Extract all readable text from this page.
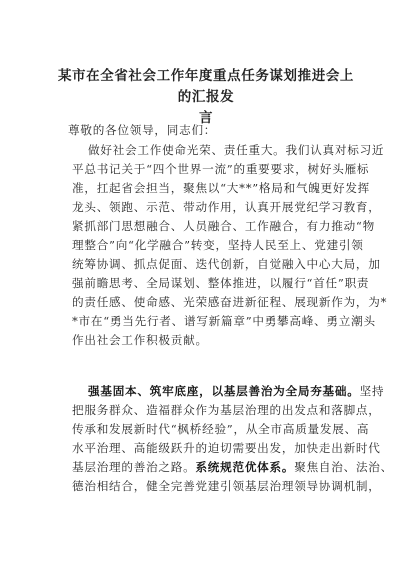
某市在全省社会工作年度重点任务谋划推进会上的汇报发
言
尊敬的各位领导，同志们：
做好社会工作使命光荣、责任重大。我们认真对标习近
平总书记关于“四个世界一流”的重要要求，树好头雁标
准，扛起省会担当，聚焦以“大**”格局和气魄更好发挥
龙头、领跑、示范、带动作用，认真开展党纪学习教育，
紧抓部门思想融合、人员融合、工作融合，有力推动“物
理整合”向“化学融合”转变，坚持人民至上、党建引领
统筹协调、抓点促面、迭代创新，自觉融入中心大局，加
强前瞻思考、全局谋划、整体推进，以履行“首任”职责
的责任感、使命感、光荣感奋进新征程、展现新作为，为*
*市在“勇当先行者、谱写新篇章”中勇攀高峰、勇立潮头
作出社会工作积极贡献。
强基固本、筑牢底座，以基层善治为全局夯基础。坚持
把服务群众、造福群众作为基层治理的出发点和落脚点，
传承和发展新时代“枫桥经验”，从全市高质量发展、高
水平治理、高能级跃升的迫切需要出发，加快走出新时代
基层治理的善治之路。系统规范优体系。聚焦自治、法治、
德治相结合，健全完善党建引领基层治理领导协调机制，
